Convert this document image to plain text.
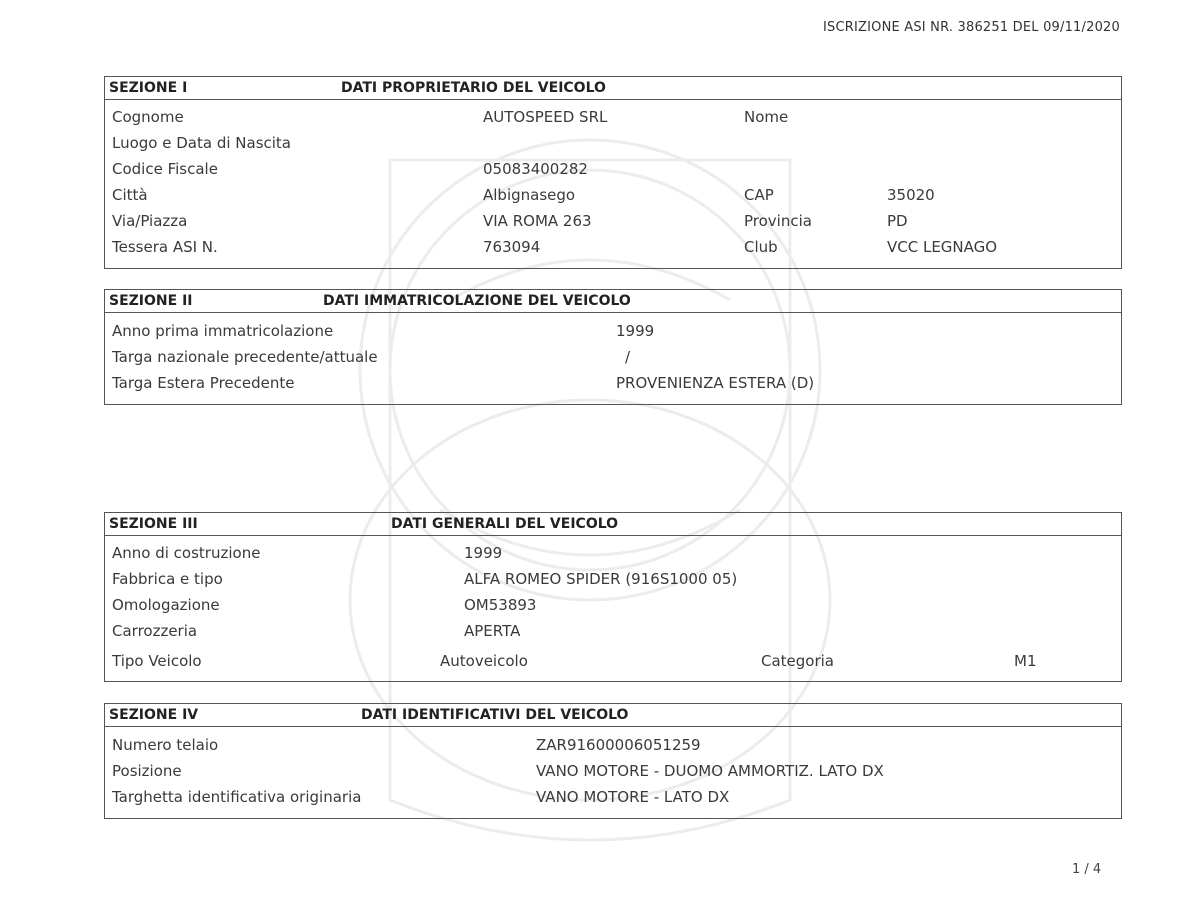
ISCRIZIONE ASI NR. 386251 DEL 09/11/2020
SEZIONE I	DATI PROPRIETARIO DEL VEICOLO
Cognome	AUTOSPEED SRL	Nome
Luogo e Data di Nascita
Codice Fiscale	05083400282
Città	Albignasego	CAP	35020
Via/Piazza	VIA ROMA 263	Provincia	PD
Tessera ASI N.	763094	Club	VCC LEGNAGO
SEZIONE II	DATI IMMATRICOLAZIONE DEL VEICOLO
Anno prima immatricolazione	1999
Targa nazionale precedente/attuale	/
Targa Estera Precedente	PROVENIENZA ESTERA (D)
SEZIONE III	DATI GENERALI DEL VEICOLO
Anno di costruzione	1999
Fabbrica e tipo	ALFA ROMEO SPIDER (916S1000 05)
Omologazione	OM53893
Carrozzeria	APERTA
Tipo Veicolo	Autoveicolo	Categoria	M1
SEZIONE IV	DATI IDENTIFICATIVI DEL VEICOLO
Numero telaio	ZAR91600006051259
Posizione	VANO MOTORE - DUOMO AMMORTIZ. LATO DX
Targhetta identificativa originaria	VANO MOTORE - LATO DX
1 / 4
